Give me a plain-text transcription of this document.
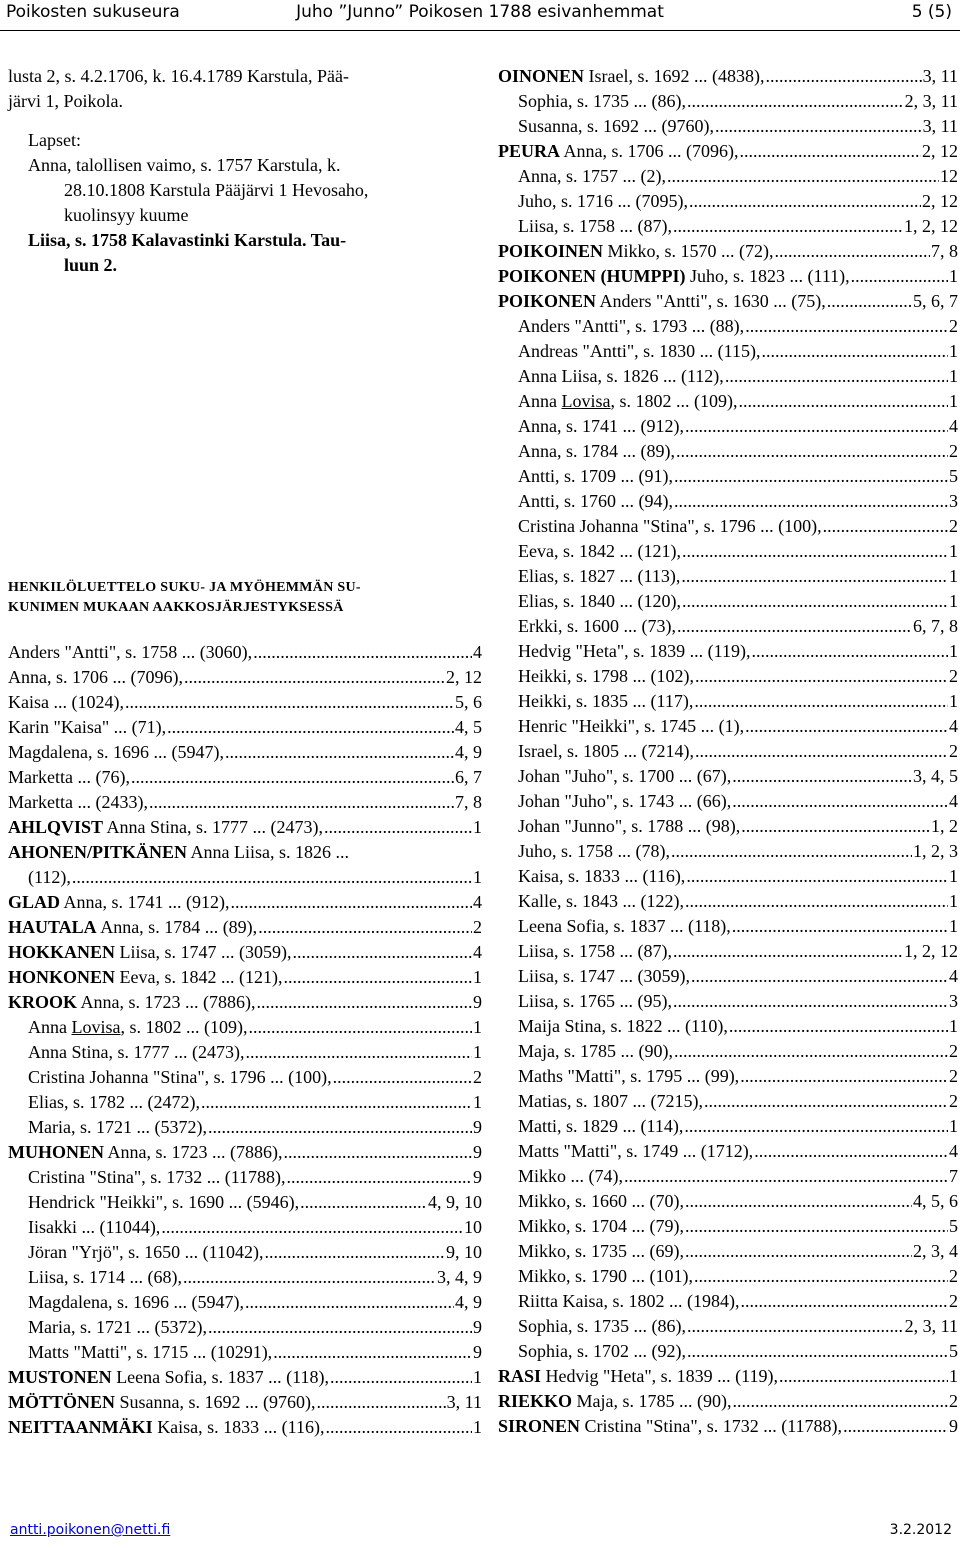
Poikosten sukuseura	Juho ”Junno” Poikosen 1788 esivanhemmat	5 (5)
lusta 2, s. 4.2.1706, k. 16.4.1789 Karstula, Pää-
järvi 1, Poikola.
Lapset:
Anna, talollisen vaimo, s. 1757 Karstula, k.
28.10.1808 Karstula Pääjärvi 1 Hevosaho,
kuolinsyy kuume
Liisa, s. 1758 Kalavastinki Karstula. Tau-
luun 2.
HENKILÖLUETTELO SUKU- JA MYÖHEMMÄN SU-
KUNIMEN MUKAAN AAKKOSJÄRJESTYKSESSÄ
Anders "Antti", s. 1758 ... (3060), .....	4
Anna, s. 1706 ... (7096), .....	2, 12
Kaisa ... (1024), .....	5, 6
Karin "Kaisa" ... (71), .....	4, 5
Magdalena, s. 1696 ... (5947), .....	4, 9
Marketta ... (76), .....	6, 7
Marketta ... (2433), .....	7, 8
AHLQVIST Anna Stina, s. 1777 ... (2473), .....	1
AHONEN/PITKÄNEN Anna Liisa, s. 1826 ...
(112), .....	1
GLAD Anna, s. 1741 ... (912), .....	4
HAUTALA Anna, s. 1784 ... (89), .....	2
HOKKANEN Liisa, s. 1747 ... (3059), .....	4
HONKONEN Eeva, s. 1842 ... (121), .....	1
KROOK Anna, s. 1723 ... (7886), .....	9
Anna Lovisa, s. 1802 ... (109), .....	1
Anna Stina, s. 1777 ... (2473), .....	1
Cristina Johanna "Stina", s. 1796 ... (100), .....	2
Elias, s. 1782 ... (2472), .....	1
Maria, s. 1721 ... (5372), .....	9
MUHONEN Anna, s. 1723 ... (7886), .....	9
Cristina "Stina", s. 1732 ... (11788), .....	9
Hendrick "Heikki", s. 1690 ... (5946), .....	4, 9, 10
Iisakki ... (11044), .....	10
Jöran "Yrjö", s. 1650 ... (11042), .....	9, 10
Liisa, s. 1714 ... (68), .....	3, 4, 9
Magdalena, s. 1696 ... (5947), .....	4, 9
Maria, s. 1721 ... (5372), .....	9
Matts "Matti", s. 1715 ... (10291), .....	9
MUSTONEN Leena Sofia, s. 1837 ... (118), .....	1
MÖTTÖNEN Susanna, s. 1692 ... (9760), .....	3, 11
NEITTAANMÄKI Kaisa, s. 1833 ... (116), .....	1
OINONEN Israel, s. 1692 ... (4838), .....	3, 11
Sophia, s. 1735 ... (86), .....	2, 3, 11
Susanna, s. 1692 ... (9760), .....	3, 11
PEURA Anna, s. 1706 ... (7096), .....	2, 12
Anna, s. 1757 ... (2), .....	12
Juho, s. 1716 ... (7095), .....	2, 12
Liisa, s. 1758 ... (87), .....	1, 2, 12
POIKOINEN Mikko, s. 1570 ... (72), .....	7, 8
POIKONEN (HUMPPI) Juho, s. 1823 ... (111), .....	1
POIKONEN Anders "Antti", s. 1630 ... (75), .....	5, 6, 7
Anders "Antti", s. 1793 ... (88), .....	2
Andreas "Antti", s. 1830 ... (115), .....	1
Anna Liisa, s. 1826 ... (112), .....	1
Anna Lovisa, s. 1802 ... (109), .....	1
Anna, s. 1741 ... (912), .....	4
Anna, s. 1784 ... (89), .....	2
Antti, s. 1709 ... (91), .....	5
Antti, s. 1760 ... (94), .....	3
Cristina Johanna "Stina", s. 1796 ... (100), .....	2
Eeva, s. 1842 ... (121), .....	1
Elias, s. 1827 ... (113), .....	1
Elias, s. 1840 ... (120), .....	1
Erkki, s. 1600 ... (73), .....	6, 7, 8
Hedvig "Heta", s. 1839 ... (119), .....	1
Heikki, s. 1798 ... (102), .....	2
Heikki, s. 1835 ... (117), .....	1
Henric "Heikki", s. 1745 ... (1), .....	4
Israel, s. 1805 ... (7214), .....	2
Johan "Juho", s. 1700 ... (67), .....	3, 4, 5
Johan "Juho", s. 1743 ... (66), .....	4
Johan "Junno", s. 1788 ... (98), .....	1, 2
Juho, s. 1758 ... (78), .....	1, 2, 3
Kaisa, s. 1833 ... (116), .....	1
Kalle, s. 1843 ... (122), .....	1
Leena Sofia, s. 1837 ... (118), .....	1
Liisa, s. 1758 ... (87), .....	1, 2, 12
Liisa, s. 1747 ... (3059), .....	4
Liisa, s. 1765 ... (95), .....	3
Maija Stina, s. 1822 ... (110), .....	1
Maja, s. 1785 ... (90), .....	2
Maths "Matti", s. 1795 ... (99), .....	2
Matias, s. 1807 ... (7215), .....	2
Matti, s. 1829 ... (114), .....	1
Matts "Matti", s. 1749 ... (1712), .....	4
Mikko ... (74), .....	7
Mikko, s. 1660 ... (70), .....	4, 5, 6
Mikko, s. 1704 ... (79), .....	5
Mikko, s. 1735 ... (69), .....	2, 3, 4
Mikko, s. 1790 ... (101), .....	2
Riitta Kaisa, s. 1802 ... (1984), .....	2
Sophia, s. 1735 ... (86), .....	2, 3, 11
Sophia, s. 1702 ... (92), .....	5
RASI Hedvig "Heta", s. 1839 ... (119), .....	1
RIEKKO Maja, s. 1785 ... (90), .....	2
SIRONEN Cristina "Stina", s. 1732 ... (11788), .....	9
antti.poikonen@netti.fi	3.2.2012
